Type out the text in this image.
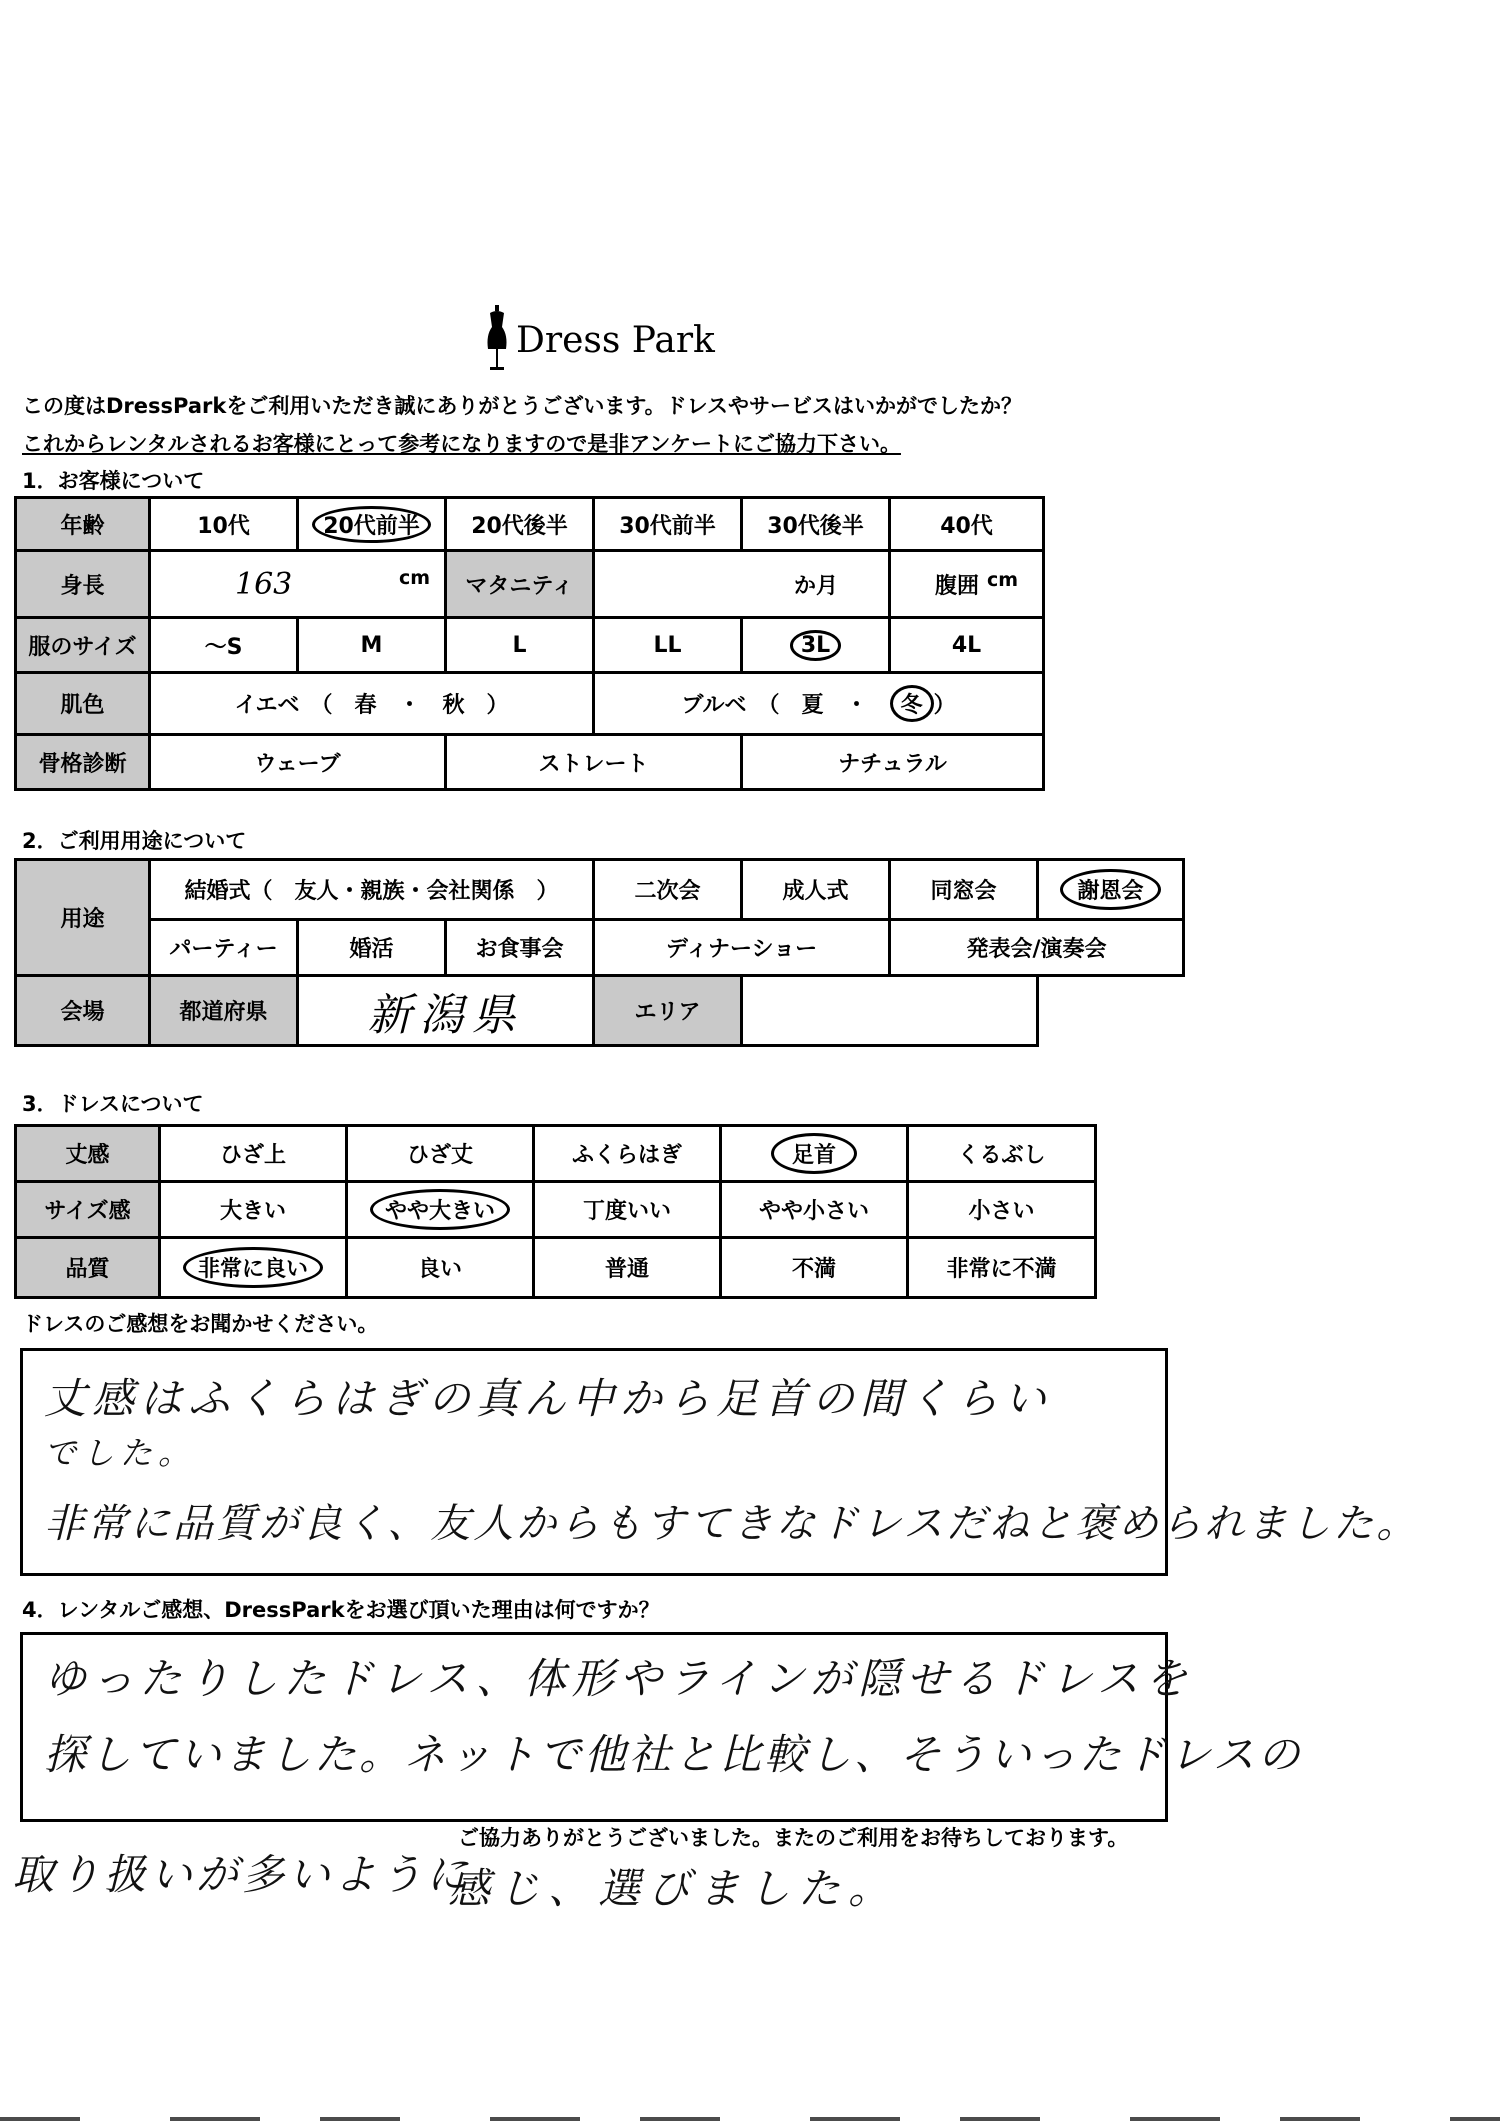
Dress Park
この度はDressParkをご利用いただき誠にありがとうございます。ドレスやサービスはいかがでしたか？
これからレンタルされるお客様にとって参考になりますので是非アンケートにご協力下さい。
1．お客様について
年齢	10代	20代前半	20代後半	30代前半	30代後半	40代	
身長	163 cm		マタニティ	か月		腹囲 cm	

服のサイズ	～S	M	L	LL	3L	4L	
肌色	イエベ　（　春　・　秋　）			ブルベ　（　夏　・　冬 ）			
骨格診断	ウェーブ		ストレート		ナチュラル		
2．ご利用用途について
用途	結婚式（　友人・親族・会社関係　）			二次会	成人式	同窓会	謝恩会
	パーティー	婚活	お食事会	ディナーショー		発表会/演奏会	
会場	都道府県	新潟県		エリア			
3．ドレスについて
丈感	ひざ上	ひざ丈	ふくらはぎ	足首	くるぶし
サイズ感	大きい	やや大きい	丁度いい	やや小さい	小さい
品質	非常に良い	良い	普通	不満	非常に不満
ドレスのご感想をお聞かせください。
丈感はふくらはぎの真ん中から足首の間くらい
でした。
非常に品質が良く、友人からもすてきなドレスだねと褒められました。
4．レンタルご感想、DressParkをお選び頂いた理由は何ですか？
ゆったりしたドレス、体形やラインが隠せるドレスを
探していました。ネットで他社と比較し、そういったドレスの
取り扱いが多いように
ご協力ありがとうございました。またのご利用をお待ちしております。
感じ、選びました。
